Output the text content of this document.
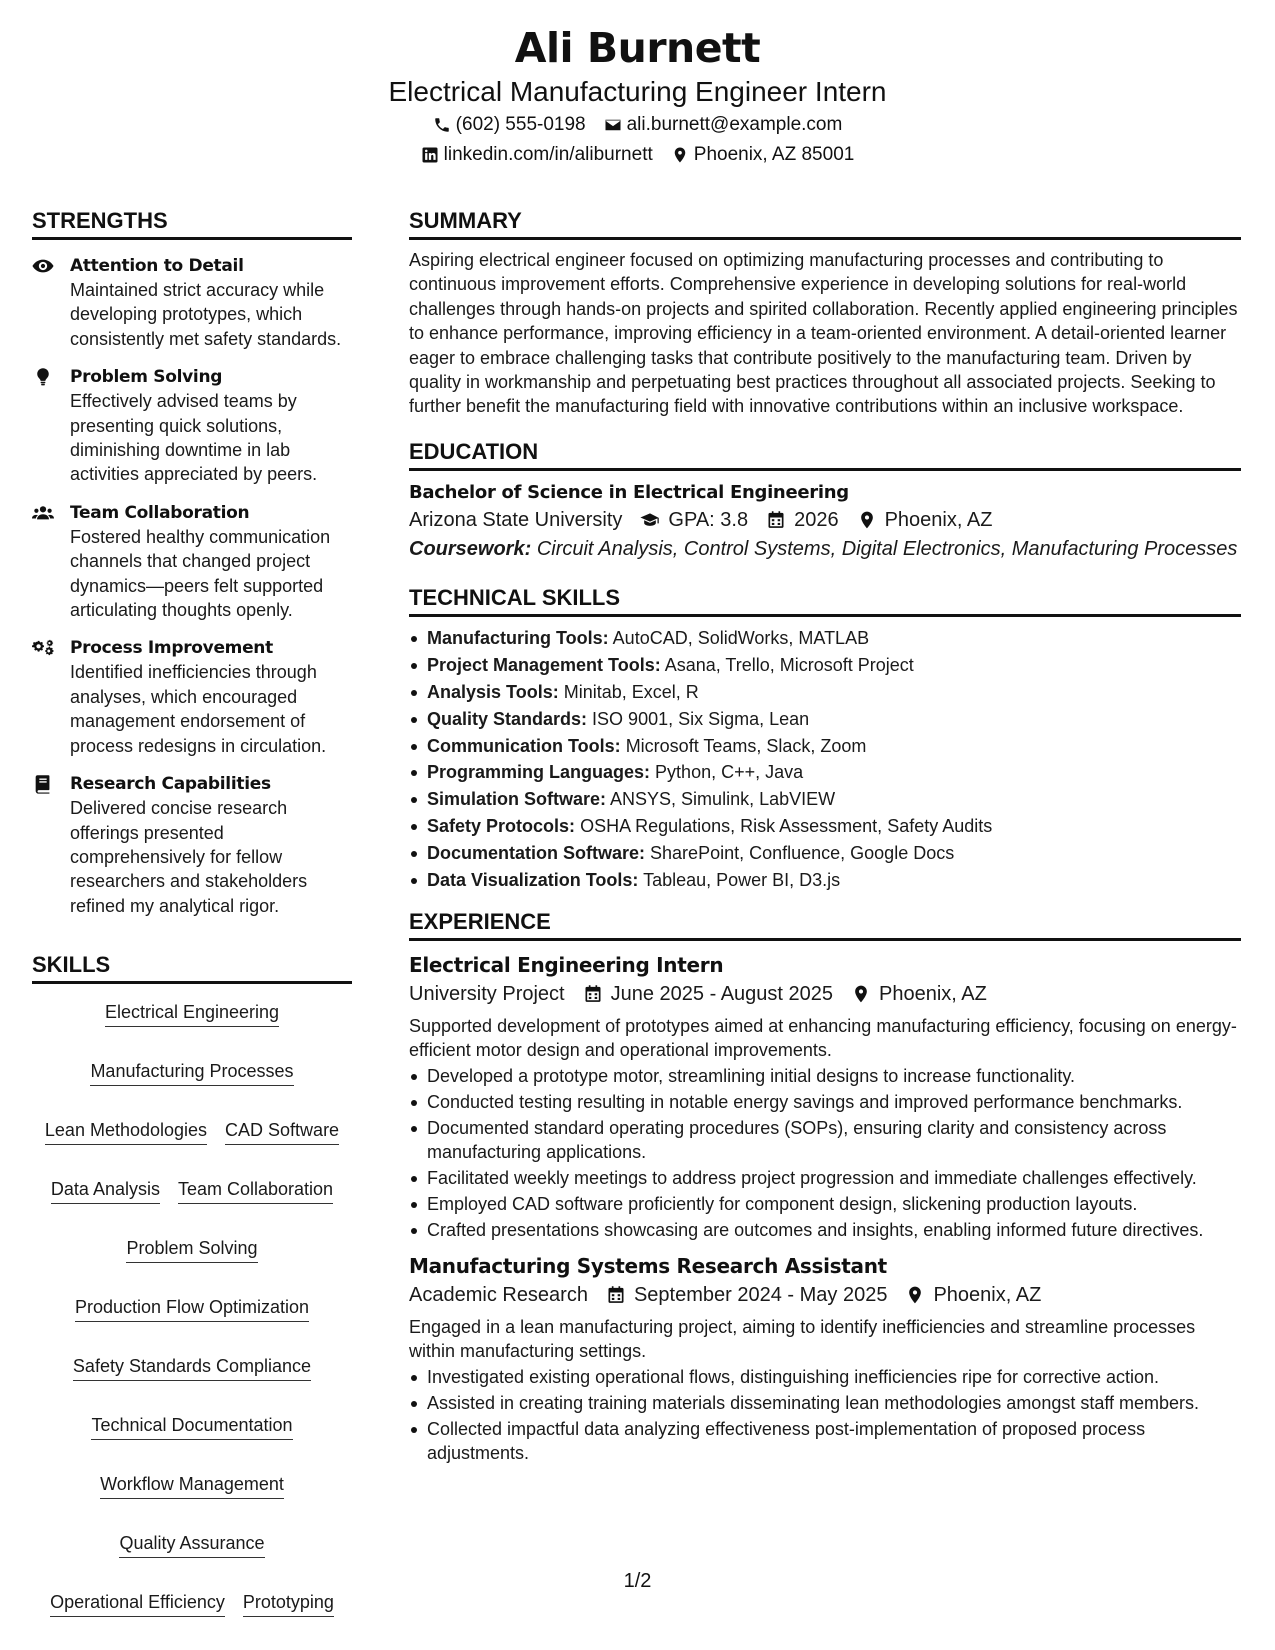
Ali Burnett
Electrical Manufacturing Engineer Intern
(602) 555-0198 ali.burnett@example.com
linkedin.com/in/aliburnett Phoenix, AZ 85001
STRENGTHS
Attention to Detail
Maintained strict accuracy while developing prototypes, which consistently met safety standards.
Problem Solving
Effectively advised teams by presenting quick solutions, diminishing downtime in lab activities appreciated by peers.
Team Collaboration
Fostered healthy communication channels that changed project dynamics—peers felt supported articulating thoughts openly.
Process Improvement
Identified inefficiencies through analyses, which encouraged management endorsement of process redesigns in circulation.
Research Capabilities
Delivered concise research offerings presented comprehensively for fellow researchers and stakeholders refined my analytical rigor.
SKILLS
Electrical Engineering
Manufacturing Processes
Lean Methodologies CAD Software
Data Analysis Team Collaboration
Problem Solving
Production Flow Optimization
Safety Standards Compliance
Technical Documentation
Workflow Management
Quality Assurance
Operational Efficiency Prototyping
SUMMARY
Aspiring electrical engineer focused on optimizing manufacturing processes and contributing to continuous improvement efforts. Comprehensive experience in developing solutions for real-world challenges through hands-on projects and spirited collaboration. Recently applied engineering principles to enhance performance, improving efficiency in a team-oriented environment. A detail-oriented learner eager to embrace challenging tasks that contribute positively to the manufacturing team. Driven by quality in workmanship and perpetuating best practices throughout all associated projects. Seeking to further benefit the manufacturing field with innovative contributions within an inclusive workspace.
EDUCATION
Bachelor of Science in Electrical Engineering
Arizona State University GPA: 3.8 2026 Phoenix, AZ
Coursework: Circuit Analysis, Control Systems, Digital Electronics, Manufacturing Processes
TECHNICAL SKILLS
Manufacturing Tools: AutoCAD, SolidWorks, MATLAB
Project Management Tools: Asana, Trello, Microsoft Project
Analysis Tools: Minitab, Excel, R
Quality Standards: ISO 9001, Six Sigma, Lean
Communication Tools: Microsoft Teams, Slack, Zoom
Programming Languages: Python, C++, Java
Simulation Software: ANSYS, Simulink, LabVIEW
Safety Protocols: OSHA Regulations, Risk Assessment, Safety Audits
Documentation Software: SharePoint, Confluence, Google Docs
Data Visualization Tools: Tableau, Power BI, D3.js
EXPERIENCE
Electrical Engineering Intern
University Project June 2025 - August 2025 Phoenix, AZ
Supported development of prototypes aimed at enhancing manufacturing efficiency, focusing on energy-efficient motor design and operational improvements.
Developed a prototype motor, streamlining initial designs to increase functionality.
Conducted testing resulting in notable energy savings and improved performance benchmarks.
Documented standard operating procedures (SOPs), ensuring clarity and consistency across manufacturing applications.
Facilitated weekly meetings to address project progression and immediate challenges effectively.
Employed CAD software proficiently for component design, slickening production layouts.
Crafted presentations showcasing are outcomes and insights, enabling informed future directives.
Manufacturing Systems Research Assistant
Academic Research September 2024 - May 2025 Phoenix, AZ
Engaged in a lean manufacturing project, aiming to identify inefficiencies and streamline processes within manufacturing settings.
Investigated existing operational flows, distinguishing inefficiencies ripe for corrective action.
Assisted in creating training materials disseminating lean methodologies amongst staff members.
Collected impactful data analyzing effectiveness post-implementation of proposed process adjustments.
1/2
